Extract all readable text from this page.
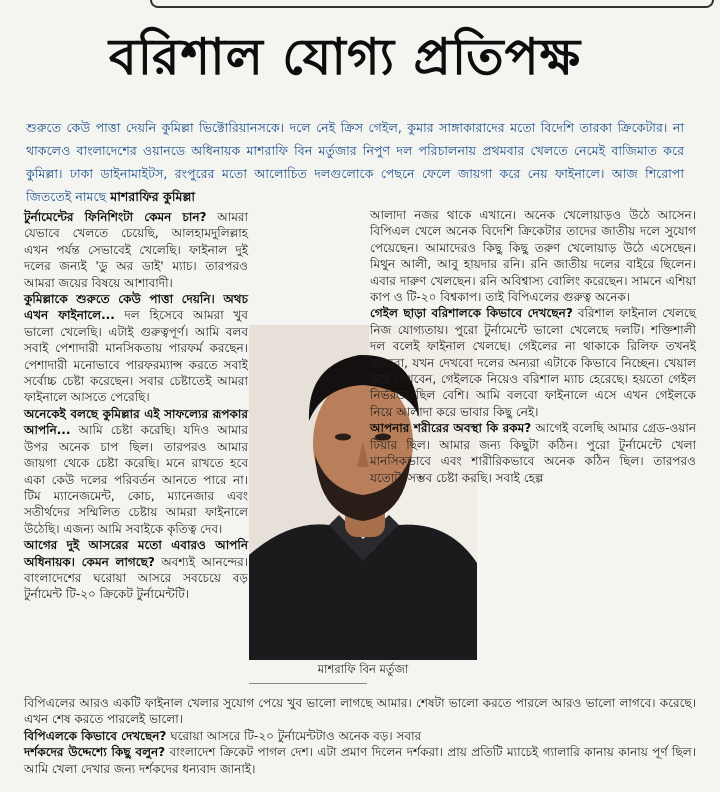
বরিশাল যোগ্য প্রতিপক্ষ
শুরুতে কেউ পাত্তা দেয়নি কুমিল্লা ভিক্টোরিয়ানসকে। দলে নেই ক্রিস গেইল, কুমার সাঙ্গাকারাদের মতো বিদেশি তারকা ক্রিকেটার। না থাকলেও বাংলাদেশের ওয়ানডে অধিনায়ক মাশরাফি বিন মর্তুজার নিপুণ দল পরিচালনায় প্রথমবার খেলতে নেমেই বাজিমাত করে কুমিল্লা। ঢাকা ডাইনামাইটস, রংপুরের মতো আলোচিত দলগুলোকে পেছনে ফেলে জায়গা করে নেয় ফাইনালে। আজ শিরোপা জিততেই নামছে মাশরাফির কুমিল্লা
টুর্নামেন্টের ফিনিশিংটা কেমন চান? আমরা যেভাবে খেলতে চেয়েছি, আলহামদুলিল্লাহ এখন পর্যন্ত সেভাবেই খেলেছি। ফাইনাল দুই দলের জন্যই 'ডু অর ডাই' ম্যাচ। তারপরও আমরা জয়ের বিষয়ে আশাবাদী।
কুমিল্লাকে শুরুতে কেউ পাত্তা দেয়নি। অথচ এখন ফাইনালে... দল হিসেবে আমরা খুব ভালো খেলেছি। এটাই গুরুত্বপূর্ণ। আমি বলব সবাই পেশাদারী মানসিকতায় পারফর্ম করছেন। পেশাদারী মনোভাবে পারফরম্যান্স করতে সবাই সর্বোচ্চ চেষ্টা করেছেন। সবার চেষ্টাতেই আমরা ফাইনালে আসতে পেরেছি।
অনেকেই বলছে কুমিল্লার এই সাফল্যের রূপকার আপনি... আমি চেষ্টা করেছি। যদিও আমার উপর অনেক চাপ ছিল। তারপরও আমার জায়গা থেকে চেষ্টা করেছি। মনে রাখতে হবে একা কেউ দলের পরিবর্তন আনতে পারে না। টিম ম্যানেজমেন্ট, কোচ, ম্যানেজার এবং সতীর্থদের সম্মিলিত চেষ্টায় আমরা ফাইনালে উঠেছি। এজন্য আমি সবাইকে কৃতিত্ব দেব।
আগের দুই আসরের মতো এবারও আপনি অধিনায়ক। কেমন লাগছে? অবশ্যই আনন্দের। বাংলাদেশের ঘরোয়া আসরে সবচেয়ে বড় টুর্নামেন্ট টি-২০ ক্রিকেট টুর্নামেন্টটি।
মাশরাফি বিন মর্তুজা
আলাদা নজর থাকে এখানে। অনেক খেলোয়াড়ও উঠে আসেন। বিপিএল খেলে অনেক বিদেশি ক্রিকেটার তাদের জাতীয় দলে সুযোগ পেয়েছেন। আমাদেরও কিছু কিছু তরুণ খেলোয়াড় উঠে এসেছেন। মিথুন আলী, আবু হায়দার রনি। রনি জাতীয় দলের বাইরে ছিলেন। এবার দারুণ খেলছেন। রনি অবিশ্বাস্য বোলিং করেছেন। সামনে এশিয়া কাপ ও টি-২০ বিশ্বকাপ। তাই বিপিএলের গুরুত্ব অনেক।
গেইল ছাড়া বরিশালকে কিভাবে দেখছেন? বরিশাল ফাইনাল খেলছে নিজ যোগ্যতায়। পুরো টুর্নামেন্টে ভালো খেলেছে দলটি। শক্তিশালী দল বলেই ফাইনাল খেলছে। গেইলের না থাকাকে রিলিফ তখনই ভাববো, যখন দেখবো দলের অন্যরা এটাকে কিভাবে নিচ্ছেন। খেয়াল করে দেখবেন, গেইলকে নিয়েও বরিশাল ম্যাচ হেরেছে। হয়তো গেইল নির্ভরতা ছিল বেশি। আমি বলবো ফাইনালে এসে এখন গেইলকে নিয়ে আলাদা করে ভাবার কিছু নেই।
আপনার শরীরের অবস্থা কি রকম? আগেই বলেছি আমার গ্রেড-ওয়ান টিয়ার ছিল। আমার জন্য কিছুটা কঠিন। পুরো টুর্নামেন্টে খেলা মানসিকভাবে এবং শারীরিকভাবে অনেক কঠিন ছিল। তারপরও যতোটা সম্ভব চেষ্টা করছি। সবাই হেল্প
বিপিএলের আরও একটি ফাইনাল খেলার সুযোগ পেয়ে খুব ভালো লাগছে আমার। শেষটা ভালো করতে পারলে আরও ভালো লাগবে। করেছে। এখন শেষ করতে পারলেই ভালো।
বিপিএলকে কিভাবে দেখছেন? ঘরোয়া আসরে টি-২০ টুর্নামেন্টটাও অনেক বড়। সবার
দর্শকদের উদ্দেশ্যে কিছু বলুন? বাংলাদেশ ক্রিকেট পাগল দেশ। এটা প্রমাণ দিলেন দর্শকরা। প্রায় প্রতিটি ম্যাচেই গ্যালারি কানায় কানায় পূর্ণ ছিল। আমি খেলা দেখার জন্য দর্শকদের ধন্যবাদ জানাই।
